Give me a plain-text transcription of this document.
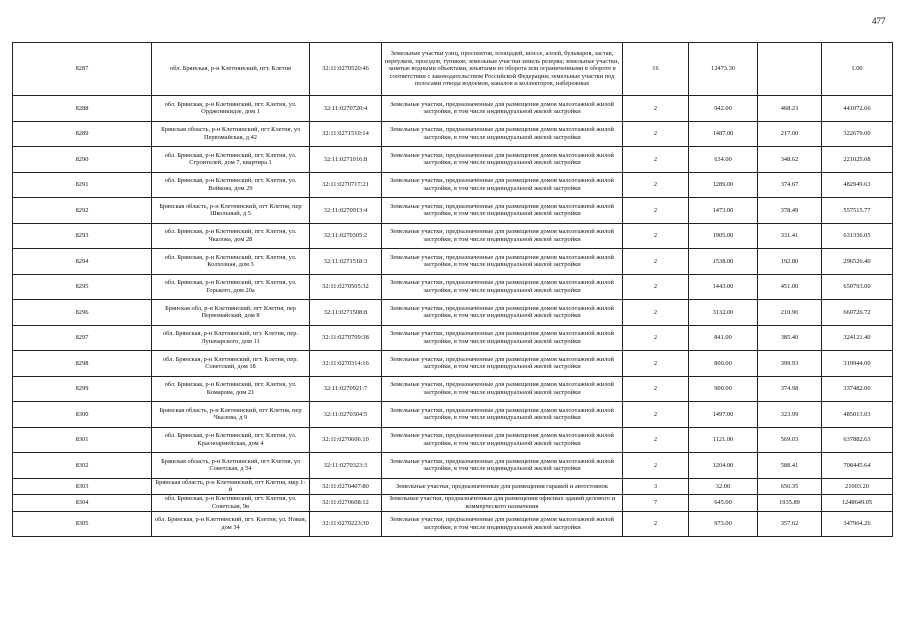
477
8287	обл. Брянская, р-н Клетнянский, пгт. Клетня	32:11:0270520:46	Земельные участки улиц, проспектов, площадей, шоссе, аллей, бульваров, застав, переулков, проездов, тупиков; земельные участки земель резерва; земельные участки, занятые водными объектами, изъятыми из оборота или ограниченными в обороте в соответствии с законодательством Российской Федерации; земельные участки под полосами отвода водоемов, каналов и коллекторов, набережные	16	12473.30		1.00
8288	обл. Брянская, р-н Клетнянский, пгт. Клетня, ул. Орджоникидзе, дом 1	32:11:0270720:4	Земельные участки, предназначенные для размещения домов малоэтажной жилой застройки, в том числе индивидуальной жилой застройки	2	942.00	468.23	441072.66
8289	Брянская область, р-н Клетнянский, пгт Клетня, ул Первомайская, д 42	32:11:0271510:14	Земельные участки, предназначенные для размещения домов малоэтажной жилой застройки, в том числе индивидуальной жилой застройки	2	1487.00	217.00	322679.00
8290	обл. Брянская, р-н Клетнянский, пгт. Клетня, ул. Строителей, дом 7, квартира 1	32:11:0271016:8	Земельные участки, предназначенные для размещения домов малоэтажной жилой застройки, в том числе индивидуальной жилой застройки	2	634.00	348.62	221025.08
8291	обл. Брянская, р-н Клетнянский, пгт. Клетня, ул. Войкова, дом 29	32:11:0270717:21	Земельные участки, предназначенные для размещения домов малоэтажной жилой застройки, в том числе индивидуальной жилой застройки	2	1289.00	374.67	482949.63
8292	Брянская область, р-н Клетнянский, пгт Клетня, пер Школьный, д 5	32:11:0270913:4	Земельные участки, предназначенные для размещения домов малоэтажной жилой застройки, в том числе индивидуальной жилой застройки	2	1473.00	378.49	557515.77
8293	обл. Брянская, р-н Клетнянский, пгт. Клетня, ул. Чкалова, дом 28	32:11:0270305:2	Земельные участки, предназначенные для размещения домов малоэтажной жилой застройки, в том числе индивидуальной жилой застройки	2	1905.00	331.41	631336.05
8294	обл. Брянская, р-н Клетнянский, пгт. Клетня, ул. Колхозная, дом 3	32:11:0271518:3	Земельные участки, предназначенные для размещения домов малоэтажной жилой застройки, в том числе индивидуальной жилой застройки	2	1538.00	192.80	296526.40
8295	обл. Брянская, р-н Клетнянский, пгт. Клетня, ул. Горького, дом 20а	32:11:0270505:32	Земельные участки, предназначенные для размещения домов малоэтажной жилой застройки, в том числе индивидуальной жилой застройки	2	1443.00	451.00	650793.00
8296	Брянская обл, р-н Клетнянский, пгт Клетня, пер Первомайский, дом 8	32:11:0271508:8	Земельные участки, предназначенные для размещения домов малоэтажной жилой застройки, в том числе индивидуальной жилой застройки	2	3132.00	210.96	660726.72
8297	обл. Брянская, р-н Клетнянский, пгт. Клетня, пер. Луначарского, дом 11	32:11:0270709:38	Земельные участки, предназначенные для размещения домов малоэтажной жилой застройки, в том числе индивидуальной жилой застройки	2	841.00	385.40	324121.40
8298	обл. Брянская, р-н Клетнянский, пгт. Клетня, пер. Советский, дом 18	32:11:0270314:16	Земельные участки, предназначенные для размещения домов малоэтажной жилой застройки, в том числе индивидуальной жилой застройки	2	800.00	399.93	319944.00
8299	обл. Брянская, р-н Клетнянский, пгт. Клетня, ул. Комарова, дом 21	32:11:0270921:7	Земельные участки, предназначенные для размещения домов малоэтажной жилой застройки, в том числе индивидуальной жилой застройки	2	900.00	374.98	337482.00
8300	Брянская область, р-н Клетнянский, пгт Клетня, пер Чкалова, д 9	32:11:0270304:5	Земельные участки, предназначенные для размещения домов малоэтажной жилой застройки, в том числе индивидуальной жилой застройки	2	1497.00	323.99	485013.03
8301	обл. Брянская, р-н Клетнянский, пгт. Клетня, ул. Красноармейская, дом 4	32:11:0270606:10	Земельные участки, предназначенные для размещения домов малоэтажной жилой застройки, в том числе индивидуальной жилой застройки	2	1121.00	569.03	637882.63
8302	Брянская область, р-н Клетнянский, пгт Клетня, ул Советская, д 54	32:11:0270323:3	Земельные участки, предназначенные для размещения домов малоэтажной жилой застройки, в том числе индивидуальной жилой застройки	2	1204.00	588.41	708445.64
8303	Брянская область, р-н Клетнянский, пгт Клетня, мкр 1-й	32:11:0270407:80	Земельные участки, предназначенные для размещения гаражей и автостоянок	3	32.00	656.35	21003.20
8304	обл. Брянская, р-н Клетнянский, пгт. Клетня, ул. Советская, 9в	32:11:0270608:12	Земельные участки, предназначенные для размещения офисных зданий делового и коммерческого назначения	7	645.00	1935.89	1248649.05
8305	обл. Брянская, р-н Клетнянский, пгт. Клетня, ул. Новая, дом 34	32:11:0270223:30	Земельные участки, предназначенные для размещения домов малоэтажной жилой застройки, в том числе индивидуальной жилой застройки	2	973.00	357.62	347964.26
